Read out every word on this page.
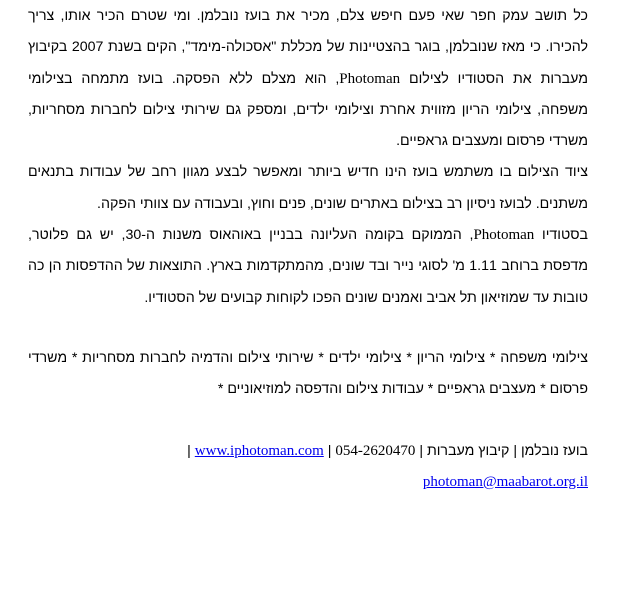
כל תושב עמק חפר שאי פעם חיפש צלם, מכיר את בועז נובלמן. ומי שטרם הכיר אותו, צריך להכירו. כי מאז שנובלמן, בוגר בהצטיינות של מכללת "אסכולה-מימד", הקים בשנת 2007 בקיבוץ מעברות את הסטודיו לצילום Photoman, הוא מצלם ללא הפסקה. בועז מתמחה בצילומי משפחה, צילומי הריון מזווית אחרת וצילומי ילדים, ומספק גם שירותי צילום לחברות מסחריות, משרדי פרסום ומעצבים גראפיים.

ציוד הצילום בו משתמש בועז הינו חדיש ביותר ומאפשר לבצע מגוון רחב של עבודות בתנאים משתנים. לבועז ניסיון רב בצילום באתרים שונים, פנים וחוץ, ובעבודה עם צוותי הפקה.

בסטודיו Photoman, הממוקם בקומה העליונה בבניין באוהאוס משנות ה-30, יש גם פלוטר, מדפסת ברוחב 1.11 מ' לסוגי נייר ובד שונים, מהמתקדמות בארץ. התוצאות של ההדפסות הן כה טובות עד שמוזיאון תל אביב ואמנים שונים הפכו לקוחות קבועים של הסטודיו.

צילומי משפחה * צילומי הריון * צילומי ילדים * שירותי צילום והדמיה לחברות מסחריות * משרדי פרסום * מעצבים גראפיים * עבודות צילום והדפסה למוזיאוניים *

בועז נובלמן | קיבוץ מעברות | 054-2620470 | www.iphotoman.com |

photoman@maabarot.org.il
